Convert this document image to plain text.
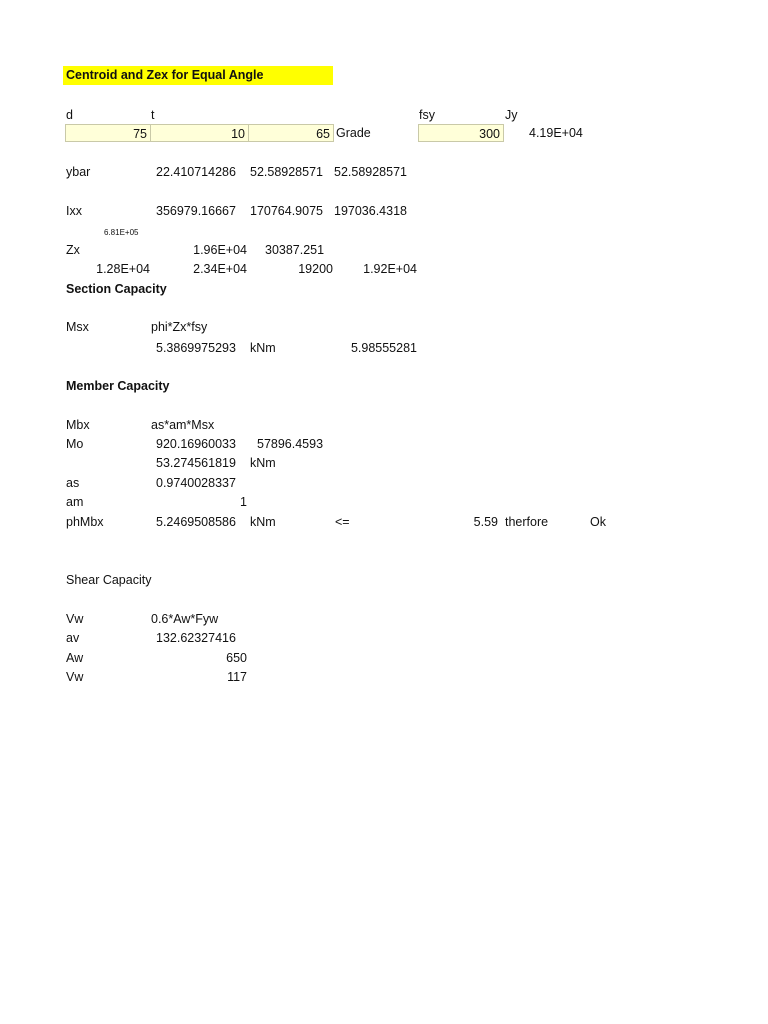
Centroid and Zex for Equal Angle
d	t	fsy	Jy
75	10	65 Grade	300 4.19E+04
ybar	22.410714286 52.58928571 52.58928571
Ixx	356979.16667 170764.9075 197036.4318
6.81E+05
Zx	1.96E+04 30387.251
1.28E+04	2.34E+04	19200 1.92E+04
Section Capacity
Msx	phi*Zx*fsy
5.3869975293 kNm	5.98555281
Member Capacity
Mbx	as*am*Msx
Mo	920.16960033 57896.4593
53.274561819 kNm
as	0.9740028337
am	1
phMbx	5.2469508586 kNm	<=	5.59 therfore	Ok
Shear Capacity
Vw	0.6*Aw*Fyw
av	132.62327416
Aw	650
Vw	117
